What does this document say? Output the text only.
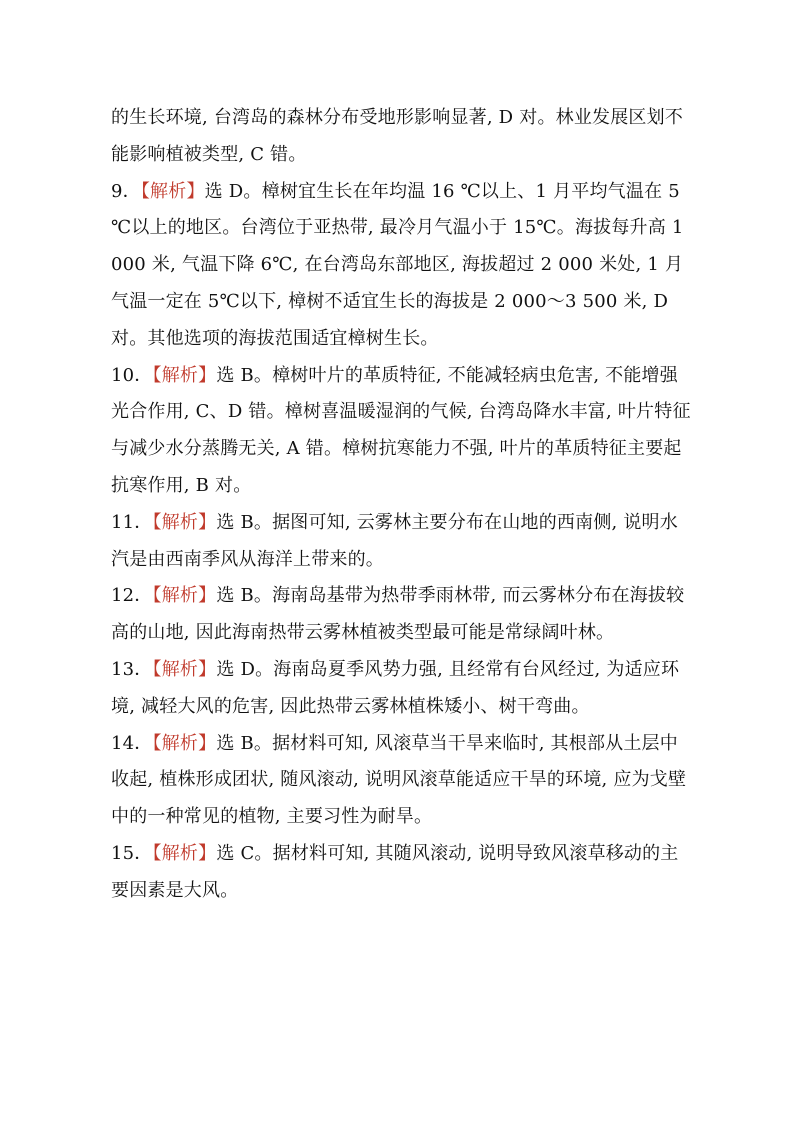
的生长环境, 台湾岛的森林分布受地形影响显著, D 对。林业发展区划不能影响植被类型, C 错。

9．【解析】选 D。樟树宜生长在年均温 16 ℃以上、1 月平均气温在 5 ℃以上的地区。台湾位于亚热带, 最冷月气温小于 15℃。海拔每升高 1 000 米, 气温下降 6℃, 在台湾岛东部地区, 海拔超过 2 000 米处, 1 月气温一定在 5℃以下, 樟树不适宜生长的海拔是 2 000～3 500 米, D 对。其他选项的海拔范围适宜樟树生长。

10．【解析】选 B。樟树叶片的革质特征, 不能减轻病虫危害, 不能增强光合作用, C、D 错。樟树喜温暖湿润的气候, 台湾岛降水丰富, 叶片特征与减少水分蒸腾无关, A 错。樟树抗寒能力不强, 叶片的革质特征主要起抗寒作用, B 对。

11．【解析】选 B。据图可知, 云雾林主要分布在山地的西南侧, 说明水汽是由西南季风从海洋上带来的。

12．【解析】选 B。海南岛基带为热带季雨林带, 而云雾林分布在海拔较高的山地, 因此海南热带云雾林植被类型最可能是常绿阔叶林。

13．【解析】选 D。海南岛夏季风势力强, 且经常有台风经过, 为适应环境, 减轻大风的危害, 因此热带云雾林植株矮小、树干弯曲。

14．【解析】选 B。据材料可知, 风滚草当干旱来临时, 其根部从土层中收起, 植株形成团状, 随风滚动, 说明风滚草能适应干旱的环境, 应为戈壁中的一种常见的植物, 主要习性为耐旱。

15．【解析】选 C。据材料可知, 其随风滚动, 说明导致风滚草移动的主要因素是大风。
